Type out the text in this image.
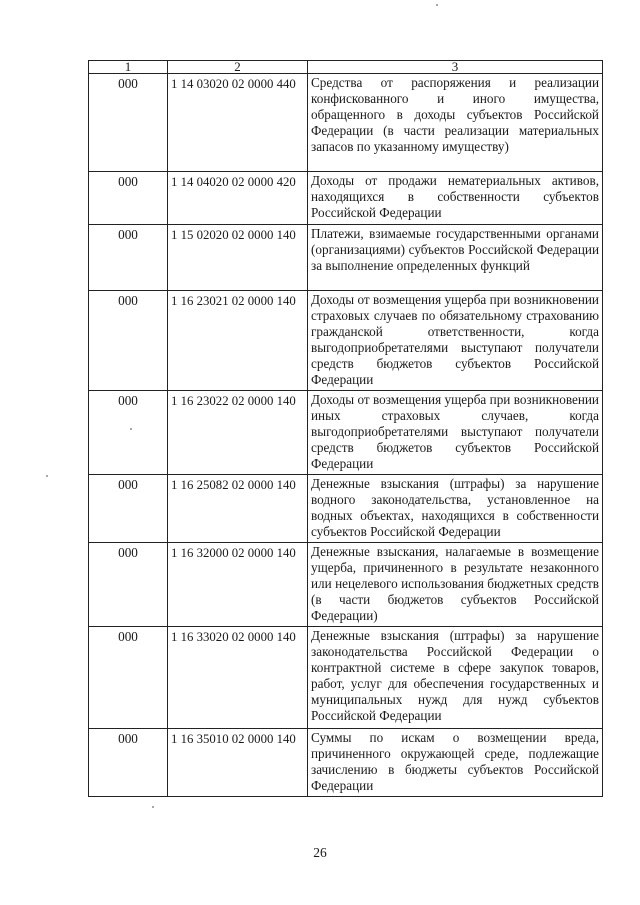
1	2	3
000	1 14 03020 02 0000 440	Средства от распоряжения и реализации конфискованного и иного имущества, обращенного в доходы субъектов Российской Федерации (в части реализации материальных запасов по указанному имуществу)
000	1 14 04020 02 0000 420	Доходы от продажи нематериальных активов, находящихся в собственности субъектов Российской Федерации
000	1 15 02020 02 0000 140	Платежи, взимаемые государственными органами (организациями) субъектов Российской Федерации за выполнение определенных функций
000	1 16 23021 02 0000 140	Доходы от возмещения ущерба при возникновении страховых случаев по обязательному страхованию гражданской ответственности, когда выгодоприобретателями выступают получатели средств бюджетов субъектов Российской Федерации
000	1 16 23022 02 0000 140	Доходы от возмещения ущерба при возникновении иных страховых случаев, когда выгодоприобретателями выступают получатели средств бюджетов субъектов Российской Федерации
000	1 16 25082 02 0000 140	Денежные взыскания (штрафы) за нарушение водного законодательства, установленное на водных объектах, находящихся в собственности субъектов Российской Федерации
000	1 16 32000 02 0000 140	Денежные взыскания, налагаемые в возмещение ущерба, причиненного в результате незаконного или нецелевого использования бюджетных средств (в части бюджетов субъектов Российской Федерации)
000	1 16 33020 02 0000 140	Денежные взыскания (штрафы) за нарушение законодательства Российской Федерации о контрактной системе в сфере закупок товаров, работ, услуг для обеспечения государственных и муниципальных нужд для нужд субъектов Российской Федерации
000	1 16 35010 02 0000 140	Суммы по искам о возмещении вреда, причиненного окружающей среде, подлежащие зачислению в бюджеты субъектов Российской Федерации
26
